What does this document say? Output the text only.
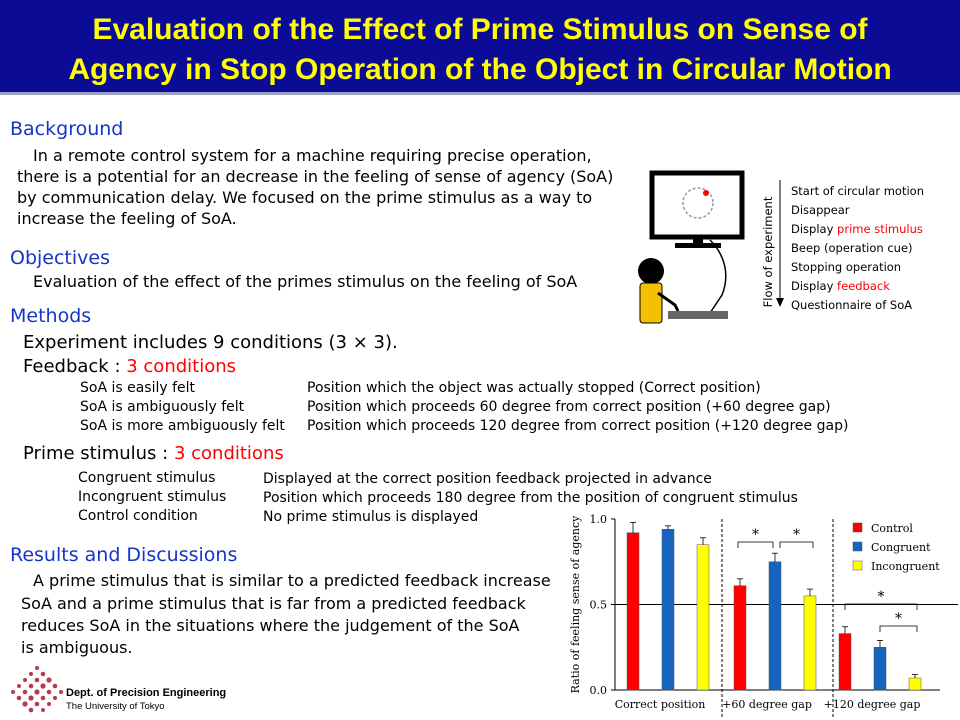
Evaluation of the Effect of Prime Stimulus on Sense of
Agency in Stop Operation of the Object in Circular Motion
Background
In a remote control system for a machine requiring precise operation,
there is a potential for an decrease in the feeling of sense of agency (SoA)
by communication delay. We focused on the prime stimulus as a way to
increase the feeling of SoA.
Objectives
Evaluation of the effect of the primes stimulus on the feeling of SoA
Methods
Experiment includes 9 conditions (3 × 3).
Feedback : 3 conditions
SoA is easily felt	Position which the object was actually stopped (Correct position)
SoA is ambiguously felt	Position which proceeds 60 degree from correct position (+60 degree gap)
SoA is more ambiguously felt Position which proceeds 120 degree from correct position (+120 degree gap)
Prime stimulus : 3 conditions
Congruent stimulus	Displayed at the correct position feedback projected in advance
Incongruent stimulus	Position which proceeds 180 degree from the position of congruent stimulus
Control condition	No prime stimulus is displayed
Results and Discussions
A prime stimulus that is similar to a predicted feedback increase
SoA and a prime stimulus that is far from a predicted feedback
reduces SoA in the situations where the judgement of the SoA
is ambiguous.
Flow of experiment
Start of circular motion
Disappear
Display prime stimulus
Beep (operation cue)
Stopping operation
Display feedback
Questionnaire of SoA
0.0
0.5
1.0
Ratio of feeling sense of agency
Correct position +60 degree gap +120 degree gap
* *
*
*
Control
Congruent
Incongruent
Dept. of Precision Engineering
The University of Tokyo
